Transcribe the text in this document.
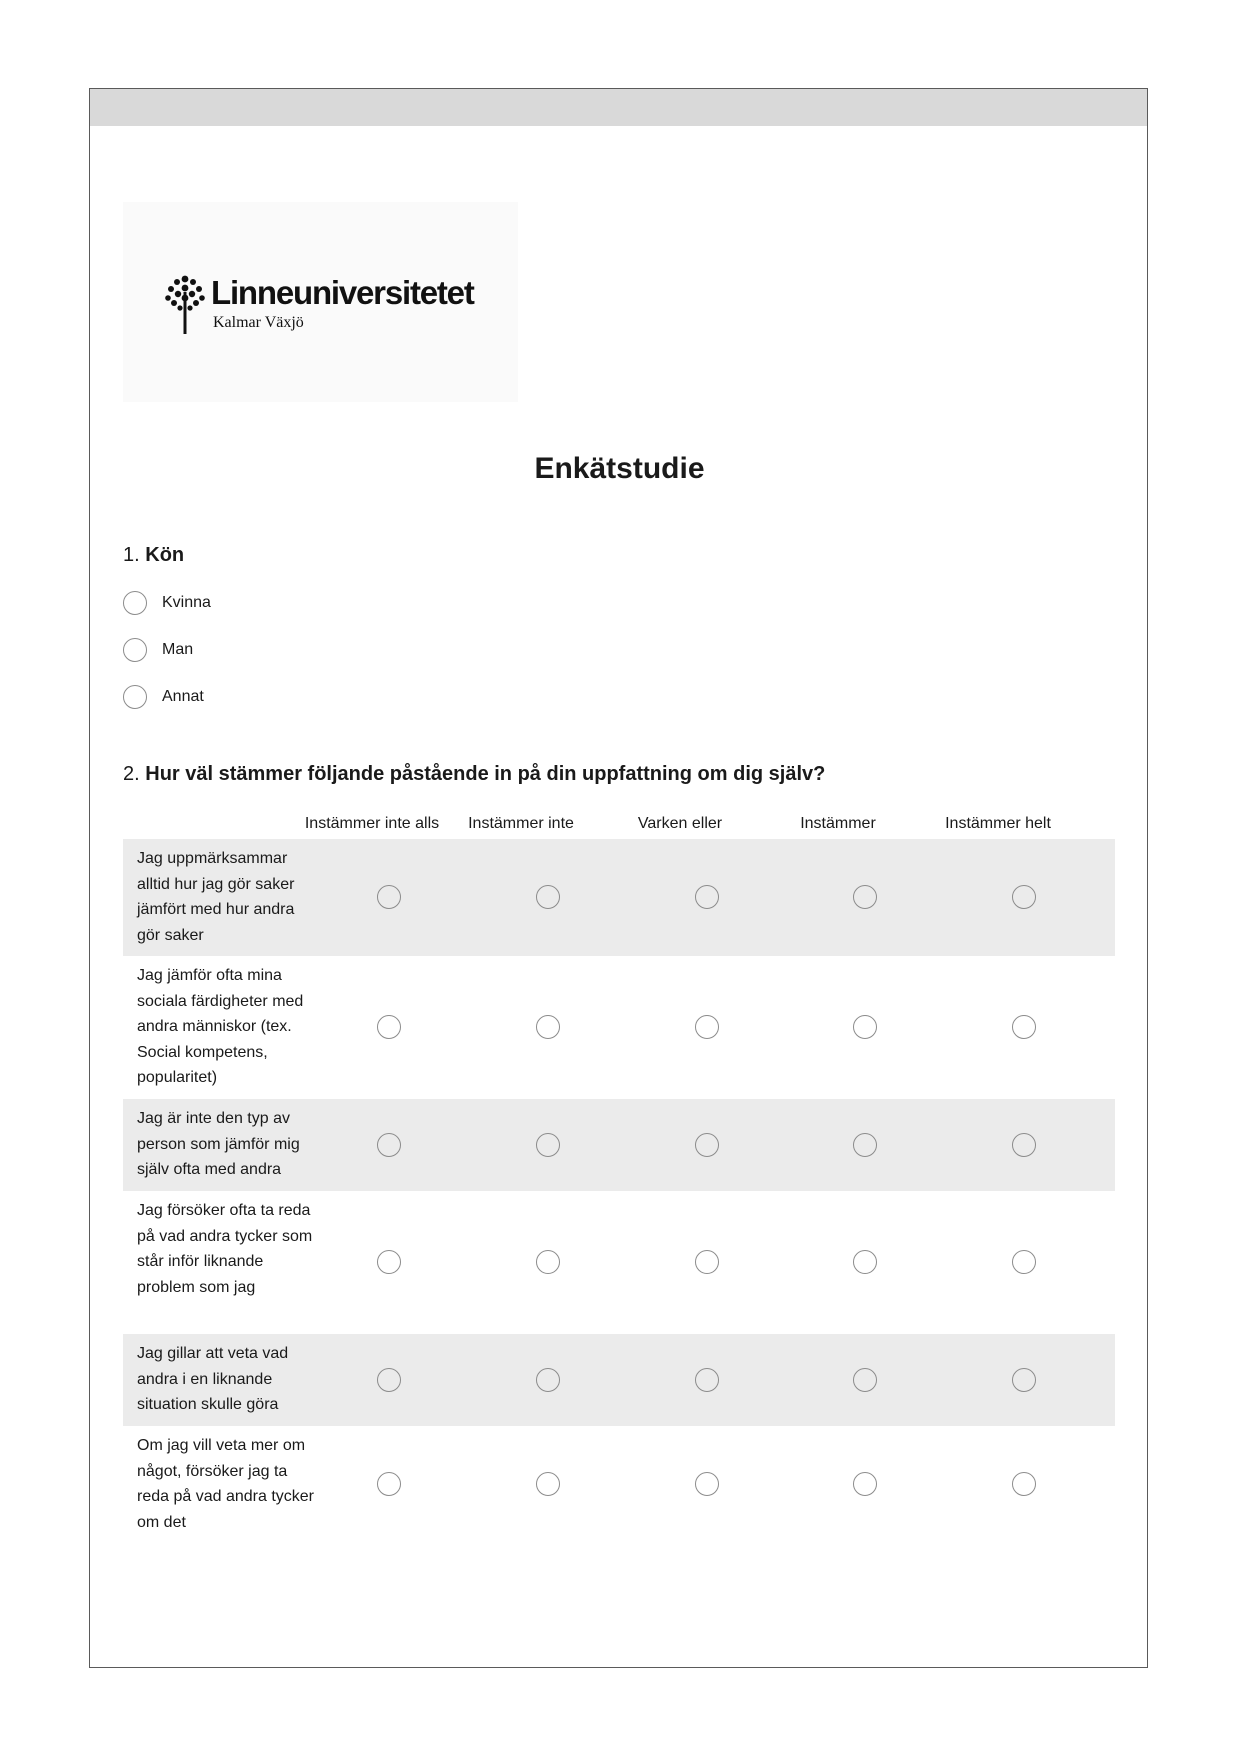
Linneuniversitetet
Kalmar Växjö
Enkätstudie
1. Kön
Kvinna
Man
Annat
2. Hur väl stämmer följande påstående in på din uppfattning om dig själv?
Instämmer inte alls	Instämmer inte	Varken eller	Instämmer	Instämmer helt

Jag uppmärksammar alltid hur jag gör saker jämfört med hur andra gör saker

Jag jämför ofta mina sociala färdigheter med andra människor (tex. Social kompetens, popularitet)

Jag är inte den typ av person som jämför mig själv ofta med andra

Jag försöker ofta ta reda på vad andra tycker som står inför liknande problem som jag

Jag gillar att veta vad andra i en liknande situation skulle göra

Om jag vill veta mer om något, försöker jag ta reda på vad andra tycker om det
